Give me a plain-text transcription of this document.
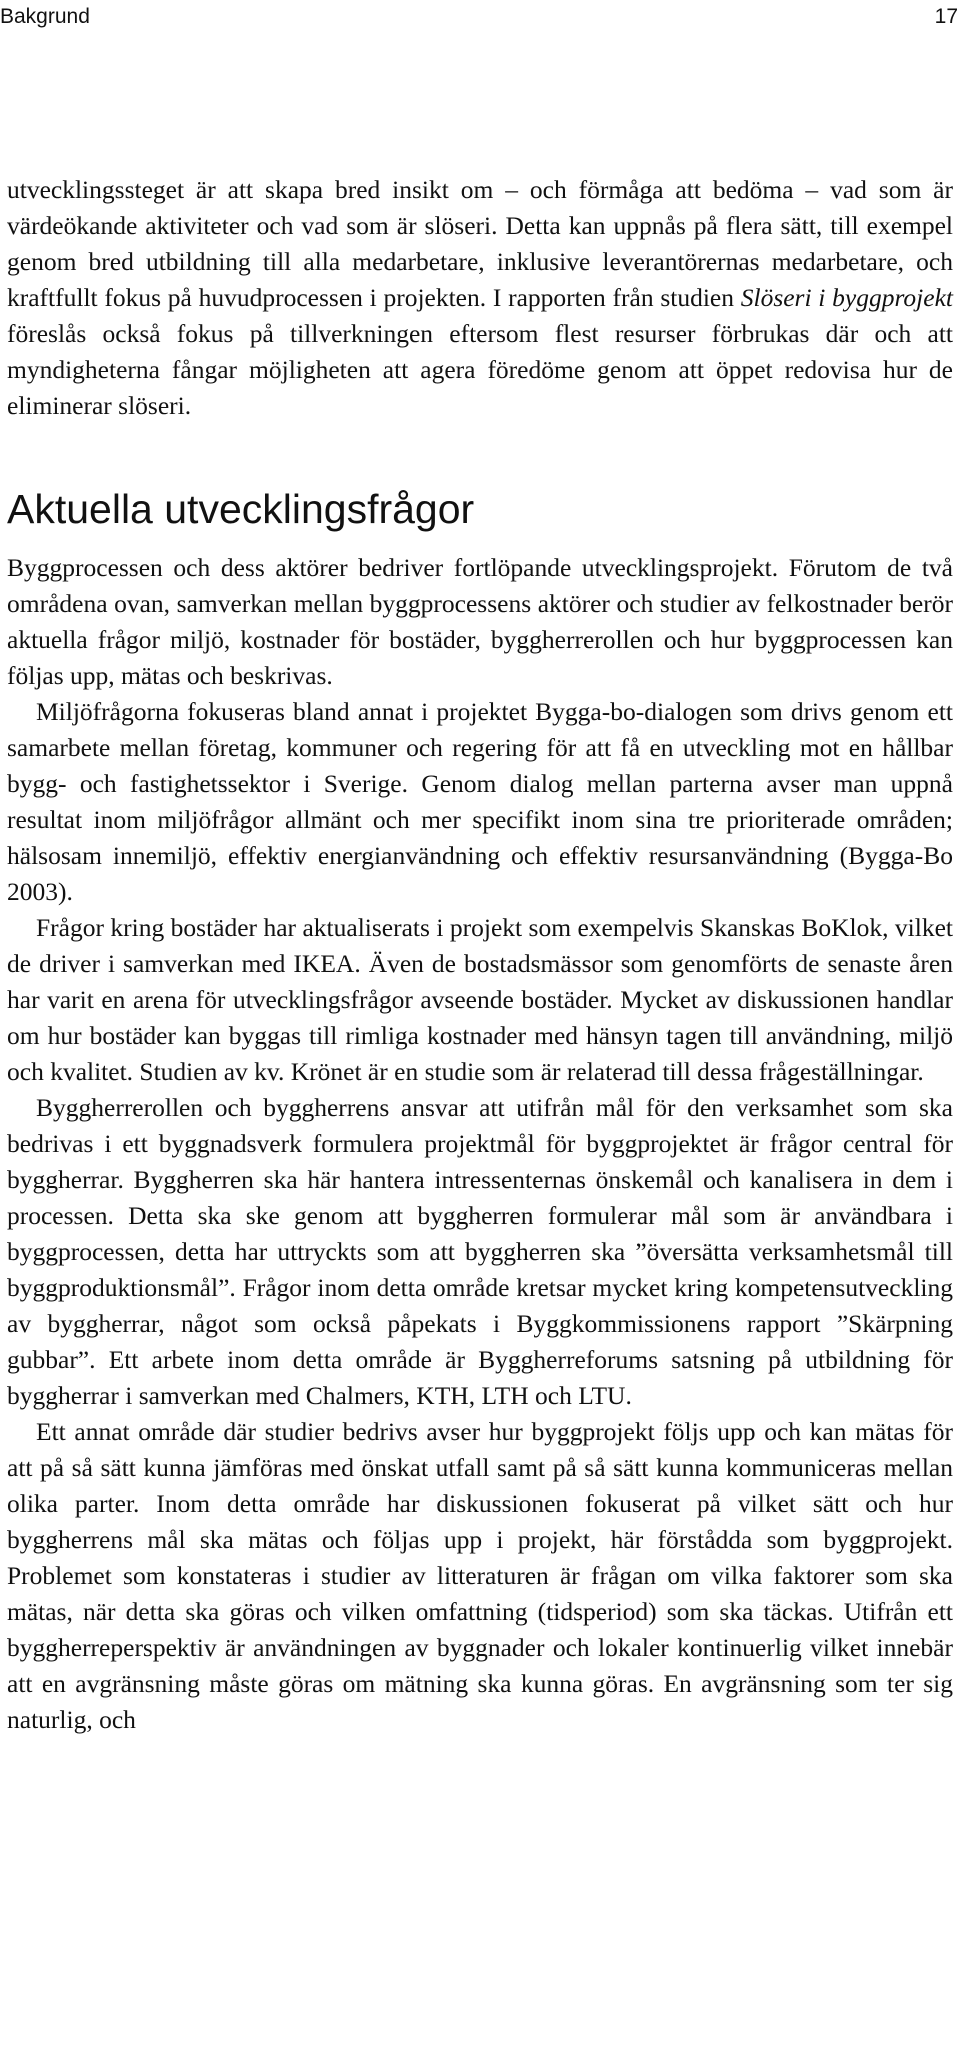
Bakgrund	17

utvecklingssteget är att skapa bred insikt om – och förmåga att bedöma – vad som är värdeökande aktiviteter och vad som är slöseri. Detta kan uppnås på flera sätt, till exempel genom bred utbildning till alla medarbetare, inklusive leverantörernas medarbetare, och kraftfullt fokus på huvudprocessen i projekten. I rapporten från studien Slöseri i byggprojekt föreslås också fokus på tillverkningen eftersom flest resurser förbrukas där och att myndigheterna fångar möjligheten att agera föredöme genom att öppet redovisa hur de eliminerar slöseri.

Aktuella utvecklingsfrågor

Byggprocessen och dess aktörer bedriver fortlöpande utvecklingsprojekt. Förutom de två områdena ovan, samverkan mellan byggprocessens aktörer och studier av felkostnader berör aktuella frågor miljö, kostnader för bostäder, byggherrerollen och hur byggprocessen kan följas upp, mätas och beskrivas.

Miljöfrågorna fokuseras bland annat i projektet Bygga-bo-dialogen som drivs genom ett samarbete mellan företag, kommuner och regering för att få en utveckling mot en hållbar bygg- och fastighetssektor i Sverige. Genom dialog mellan parterna avser man uppnå resultat inom miljöfrågor allmänt och mer specifikt inom sina tre prioriterade områden; hälsosam innemiljö, effektiv energianvändning och effektiv resursanvändning (Bygga-Bo 2003).

Frågor kring bostäder har aktualiserats i projekt som exempelvis Skanskas BoKlok, vilket de driver i samverkan med IKEA. Även de bostadsmässor som genomförts de senaste åren har varit en arena för utvecklingsfrågor avseende bostäder. Mycket av diskussionen handlar om hur bostäder kan byggas till rimliga kostnader med hänsyn tagen till användning, miljö och kvalitet. Studien av kv. Krönet är en studie som är relaterad till dessa frågeställningar.

Byggherrerollen och byggherrens ansvar att utifrån mål för den verksamhet som ska bedrivas i ett byggnadsverk formulera projektmål för byggprojektet är frågor central för byggherrar. Byggherren ska här hantera intressenternas önskemål och kanalisera in dem i processen. Detta ska ske genom att byggherren formulerar mål som är användbara i byggprocessen, detta har uttryckts som att byggherren ska ”översätta verksamhetsmål till byggproduktionsmål”. Frågor inom detta område kretsar mycket kring kompetensutveckling av byggherrar, något som också påpekats i Byggkommissionens rapport ”Skärpning gubbar”. Ett arbete inom detta område är Byggherreforums satsning på utbildning för byggherrar i samverkan med Chalmers, KTH, LTH och LTU.

Ett annat område där studier bedrivs avser hur byggprojekt följs upp och kan mätas för att på så sätt kunna jämföras med önskat utfall samt på så sätt kunna kommuniceras mellan olika parter. Inom detta område har diskussionen fokuserat på vilket sätt och hur byggherrens mål ska mätas och följas upp i projekt, här förstådda som byggprojekt. Problemet som konstateras i studier av litteraturen är frågan om vilka faktorer som ska mätas, när detta ska göras och vilken omfattning (tidsperiod) som ska täckas. Utifrån ett byggherreperspektiv är användningen av byggnader och lokaler kontinuerlig vilket innebär att en avgränsning måste göras om mätning ska kunna göras. En avgränsning som ter sig naturlig, och
